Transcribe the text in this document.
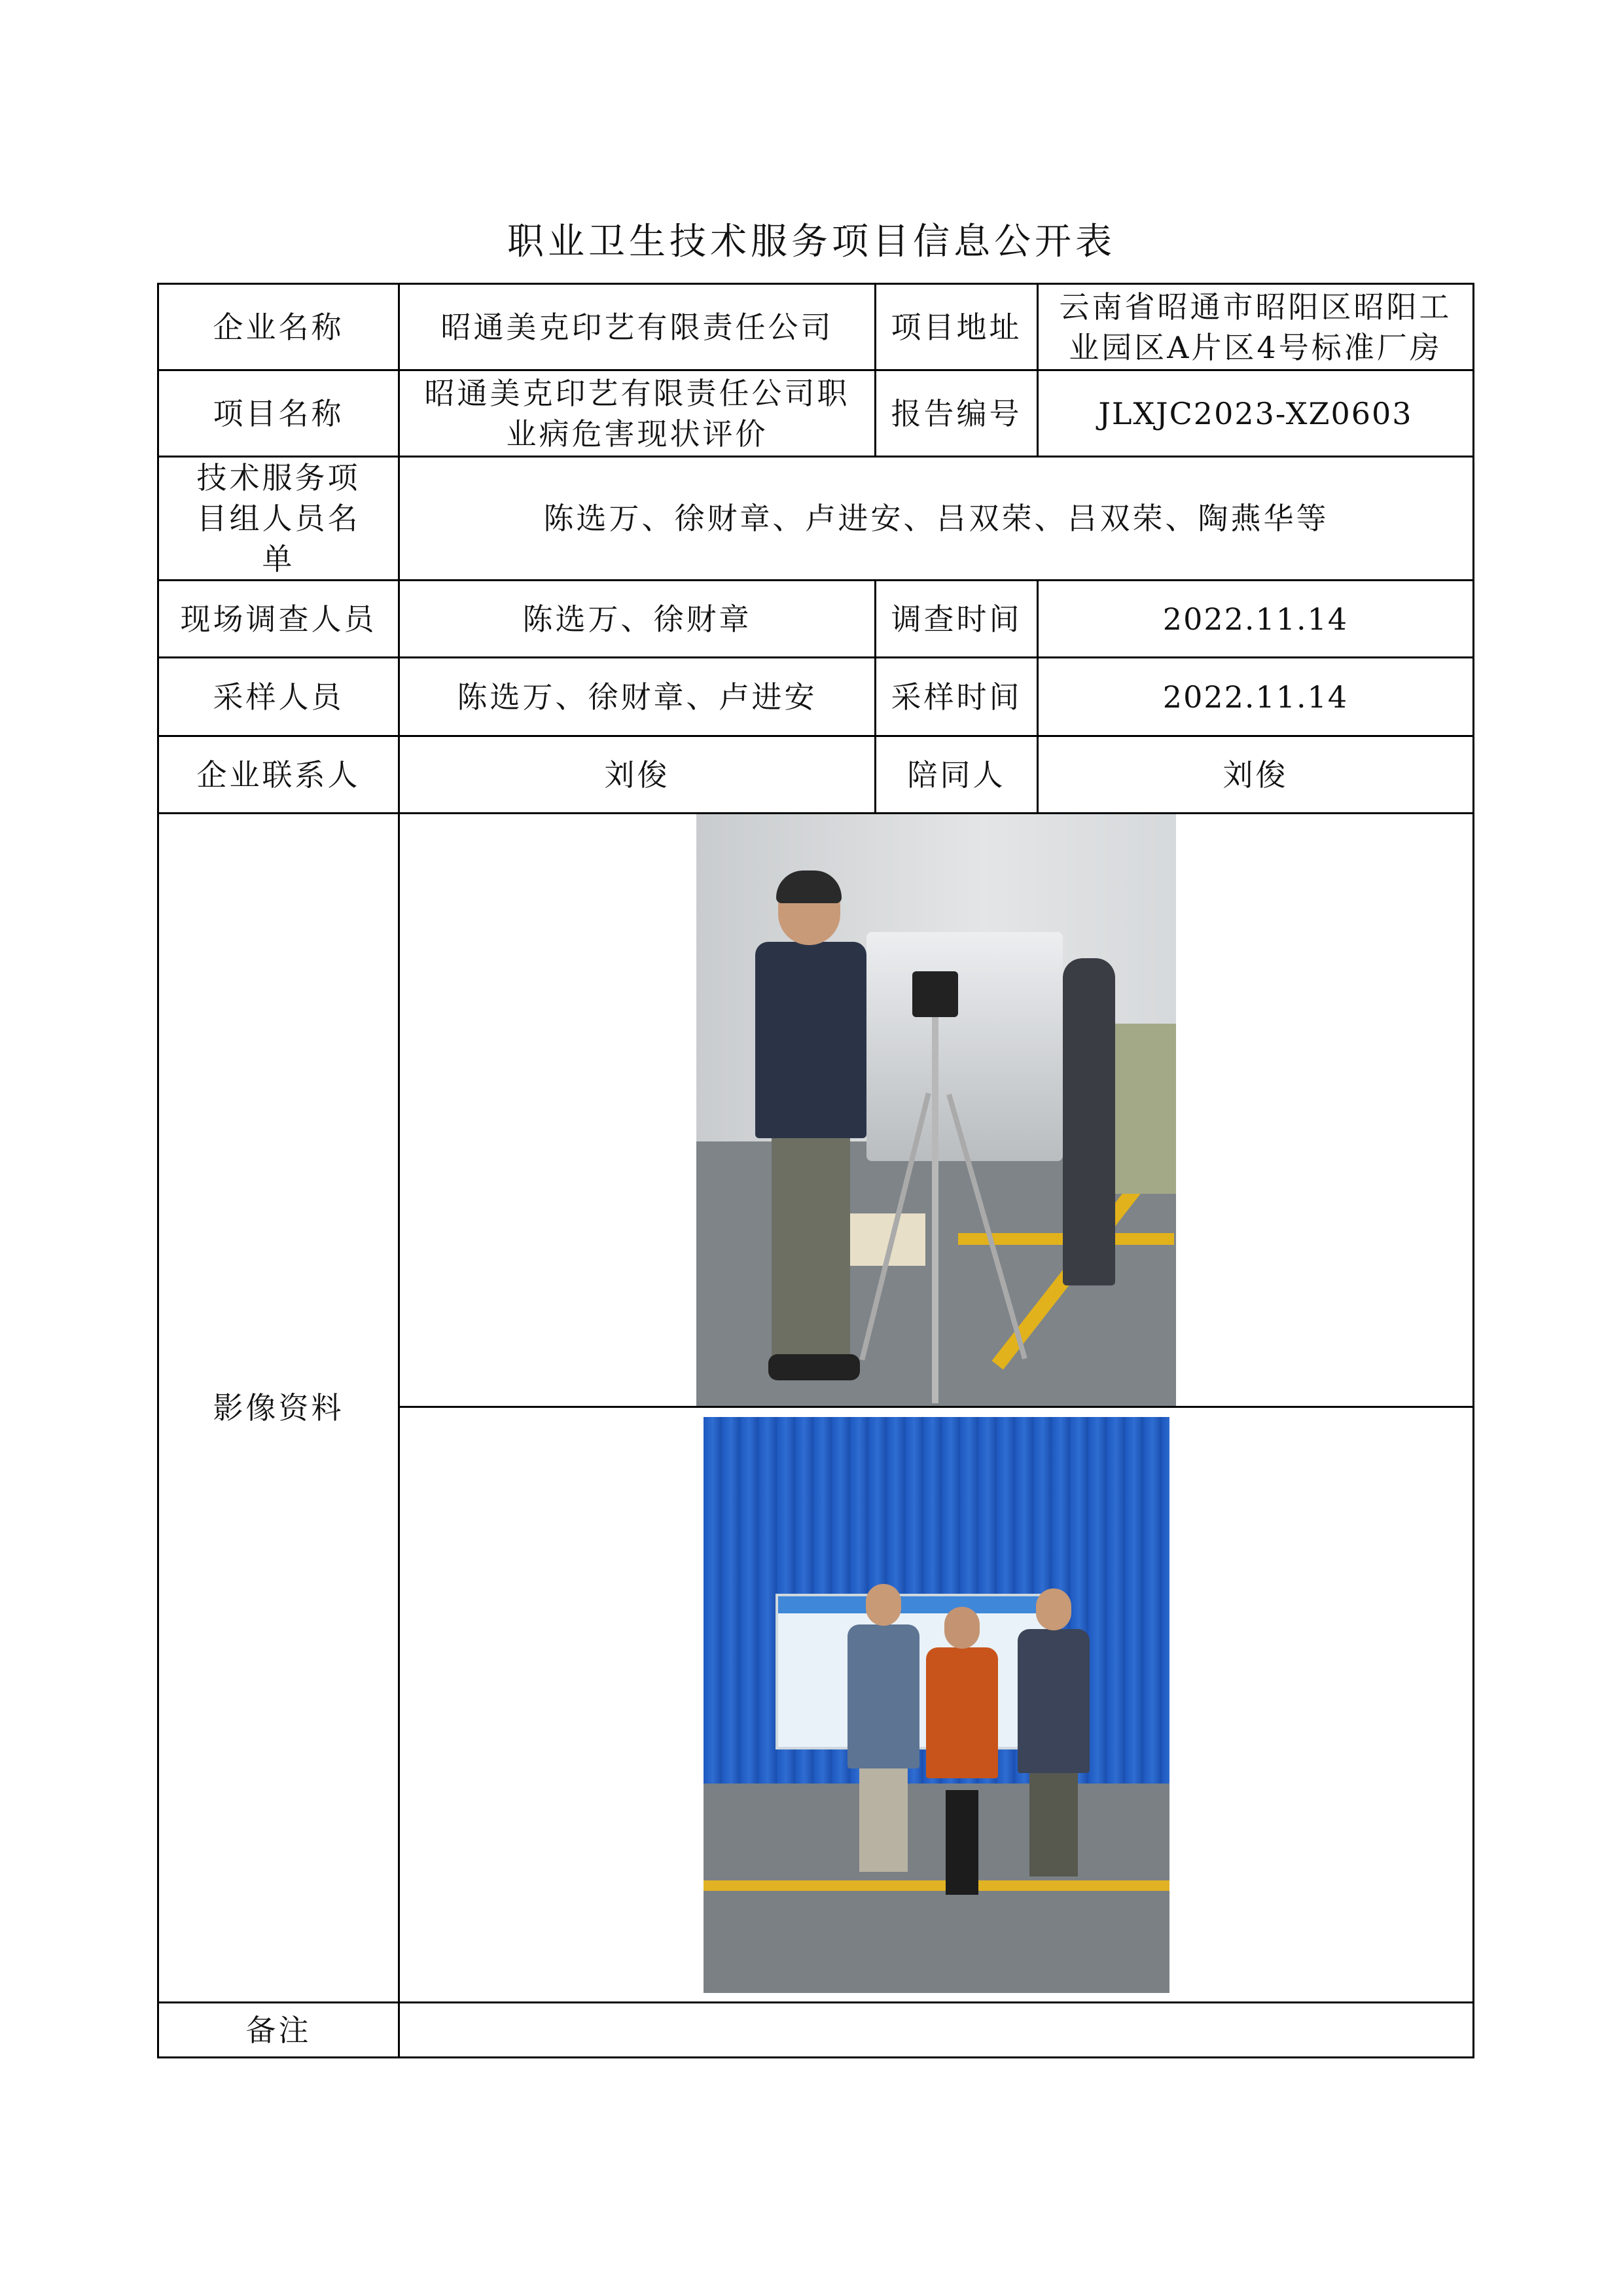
职业卫生技术服务项目信息公开表
企业名称	昭通美克印艺有限责任公司	项目地址	云南省昭通市昭阳区昭阳工业园区A片区4号标准厂房
项目名称	昭通美克印艺有限责任公司职业病危害现状评价	报告编号	JLXJC2023-XZ0603
技术服务项目组人员名单	陈选万、徐财章、卢进安、吕双荣、吕双荣、陶燕华等		
现场调查人员	陈选万、徐财章	调查时间	2022.11.14
采样人员	陈选万、徐财章、卢进安	采样时间	2022.11.14
企业联系人	刘俊	陪同人	刘俊
影像资料			

备注			
